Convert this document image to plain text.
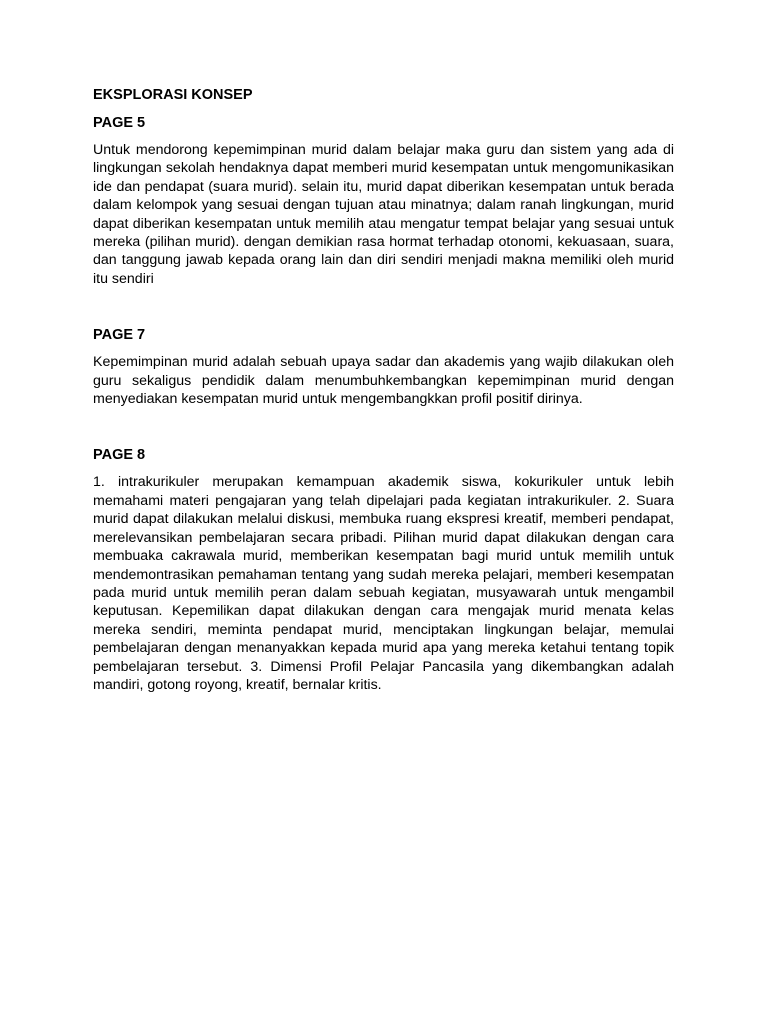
EKSPLORASI KONSEP
PAGE 5

Untuk mendorong kepemimpinan murid dalam belajar maka guru dan sistem yang ada di lingkungan sekolah hendaknya dapat memberi murid kesempatan untuk mengomunikasikan ide dan pendapat (suara murid). selain itu, murid dapat diberikan kesempatan untuk berada dalam kelompok yang sesuai dengan tujuan atau minatnya; dalam ranah lingkungan, murid dapat diberikan kesempatan untuk memilih atau mengatur tempat belajar yang sesuai untuk mereka (pilihan murid). dengan demikian rasa hormat terhadap otonomi, kekuasaan, suara, dan tanggung jawab kepada orang lain dan diri sendiri menjadi makna memiliki oleh murid itu sendiri

PAGE 7

Kepemimpinan murid adalah sebuah upaya sadar dan akademis yang wajib dilakukan oleh guru sekaligus pendidik dalam menumbuhkembangkan kepemimpinan murid dengan menyediakan kesempatan murid untuk mengembangkkan profil positif dirinya.

PAGE 8

1. intrakurikuler merupakan kemampuan akademik siswa, kokurikuler untuk lebih memahami materi pengajaran yang telah dipelajari pada kegiatan intrakurikuler. 2. Suara murid dapat dilakukan melalui diskusi, membuka ruang ekspresi kreatif, memberi pendapat, merelevansikan pembelajaran secara pribadi. Pilihan murid dapat dilakukan dengan cara membuaka cakrawala murid, memberikan kesempatan bagi murid untuk memilih untuk mendemontrasikan pemahaman tentang yang sudah mereka pelajari, memberi kesempatan pada murid untuk memilih peran dalam sebuah kegiatan, musyawarah untuk mengambil keputusan. Kepemilikan dapat dilakukan dengan cara mengajak murid menata kelas mereka sendiri, meminta pendapat murid, menciptakan lingkungan belajar, memulai pembelajaran dengan menanyakkan kepada murid apa yang mereka ketahui tentang topik pembelajaran tersebut. 3. Dimensi Profil Pelajar Pancasila yang dikembangkan adalah mandiri, gotong royong, kreatif, bernalar kritis.
